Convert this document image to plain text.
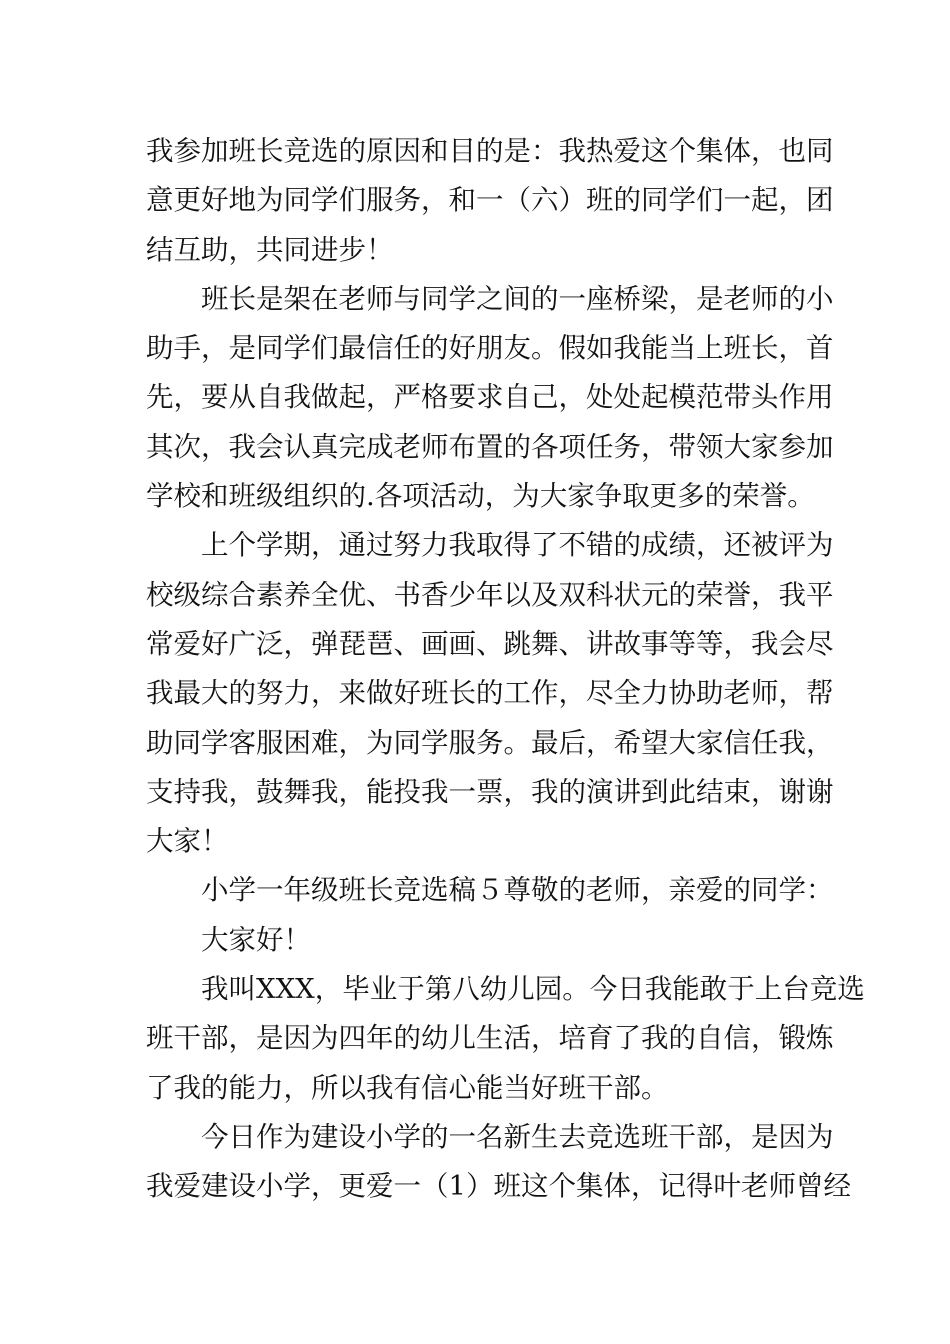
我参加班长竞选的原因和目的是：我热爱这个集体，也同
意更好地为同学们服务，和一（六）班的同学们一起，团
结互助，共同进步！

班长是架在老师与同学之间的一座桥梁，是老师的小
助手，是同学们最信任的好朋友。假如我能当上班长，首
先，要从自我做起，严格要求自己，处处起模范带头作用
其次，我会认真完成老师布置的各项任务，带领大家参加
学校和班级组织的.各项活动，为大家争取更多的荣誉。

上个学期，通过努力我取得了不错的成绩，还被评为
校级综合素养全优、书香少年以及双科状元的荣誉，我平
常爱好广泛，弹琵琶、画画、跳舞、讲故事等等，我会尽
我最大的努力，来做好班长的工作，尽全力协助老师，帮
助同学客服困难，为同学服务。最后，希望大家信任我，
支持我，鼓舞我，能投我一票，我的演讲到此结束，谢谢
大家！

小学一年级班长竞选稿５尊敬的老师，亲爱的同学：

大家好！

我叫XXX，毕业于第八幼儿园。今日我能敢于上台竞选
班干部，是因为四年的幼儿生活，培育了我的自信，锻炼
了我的能力，所以我有信心能当好班干部。

今日作为建设小学的一名新生去竞选班干部，是因为
我爱建设小学，更爱一（1）班这个集体，记得叶老师曾经
